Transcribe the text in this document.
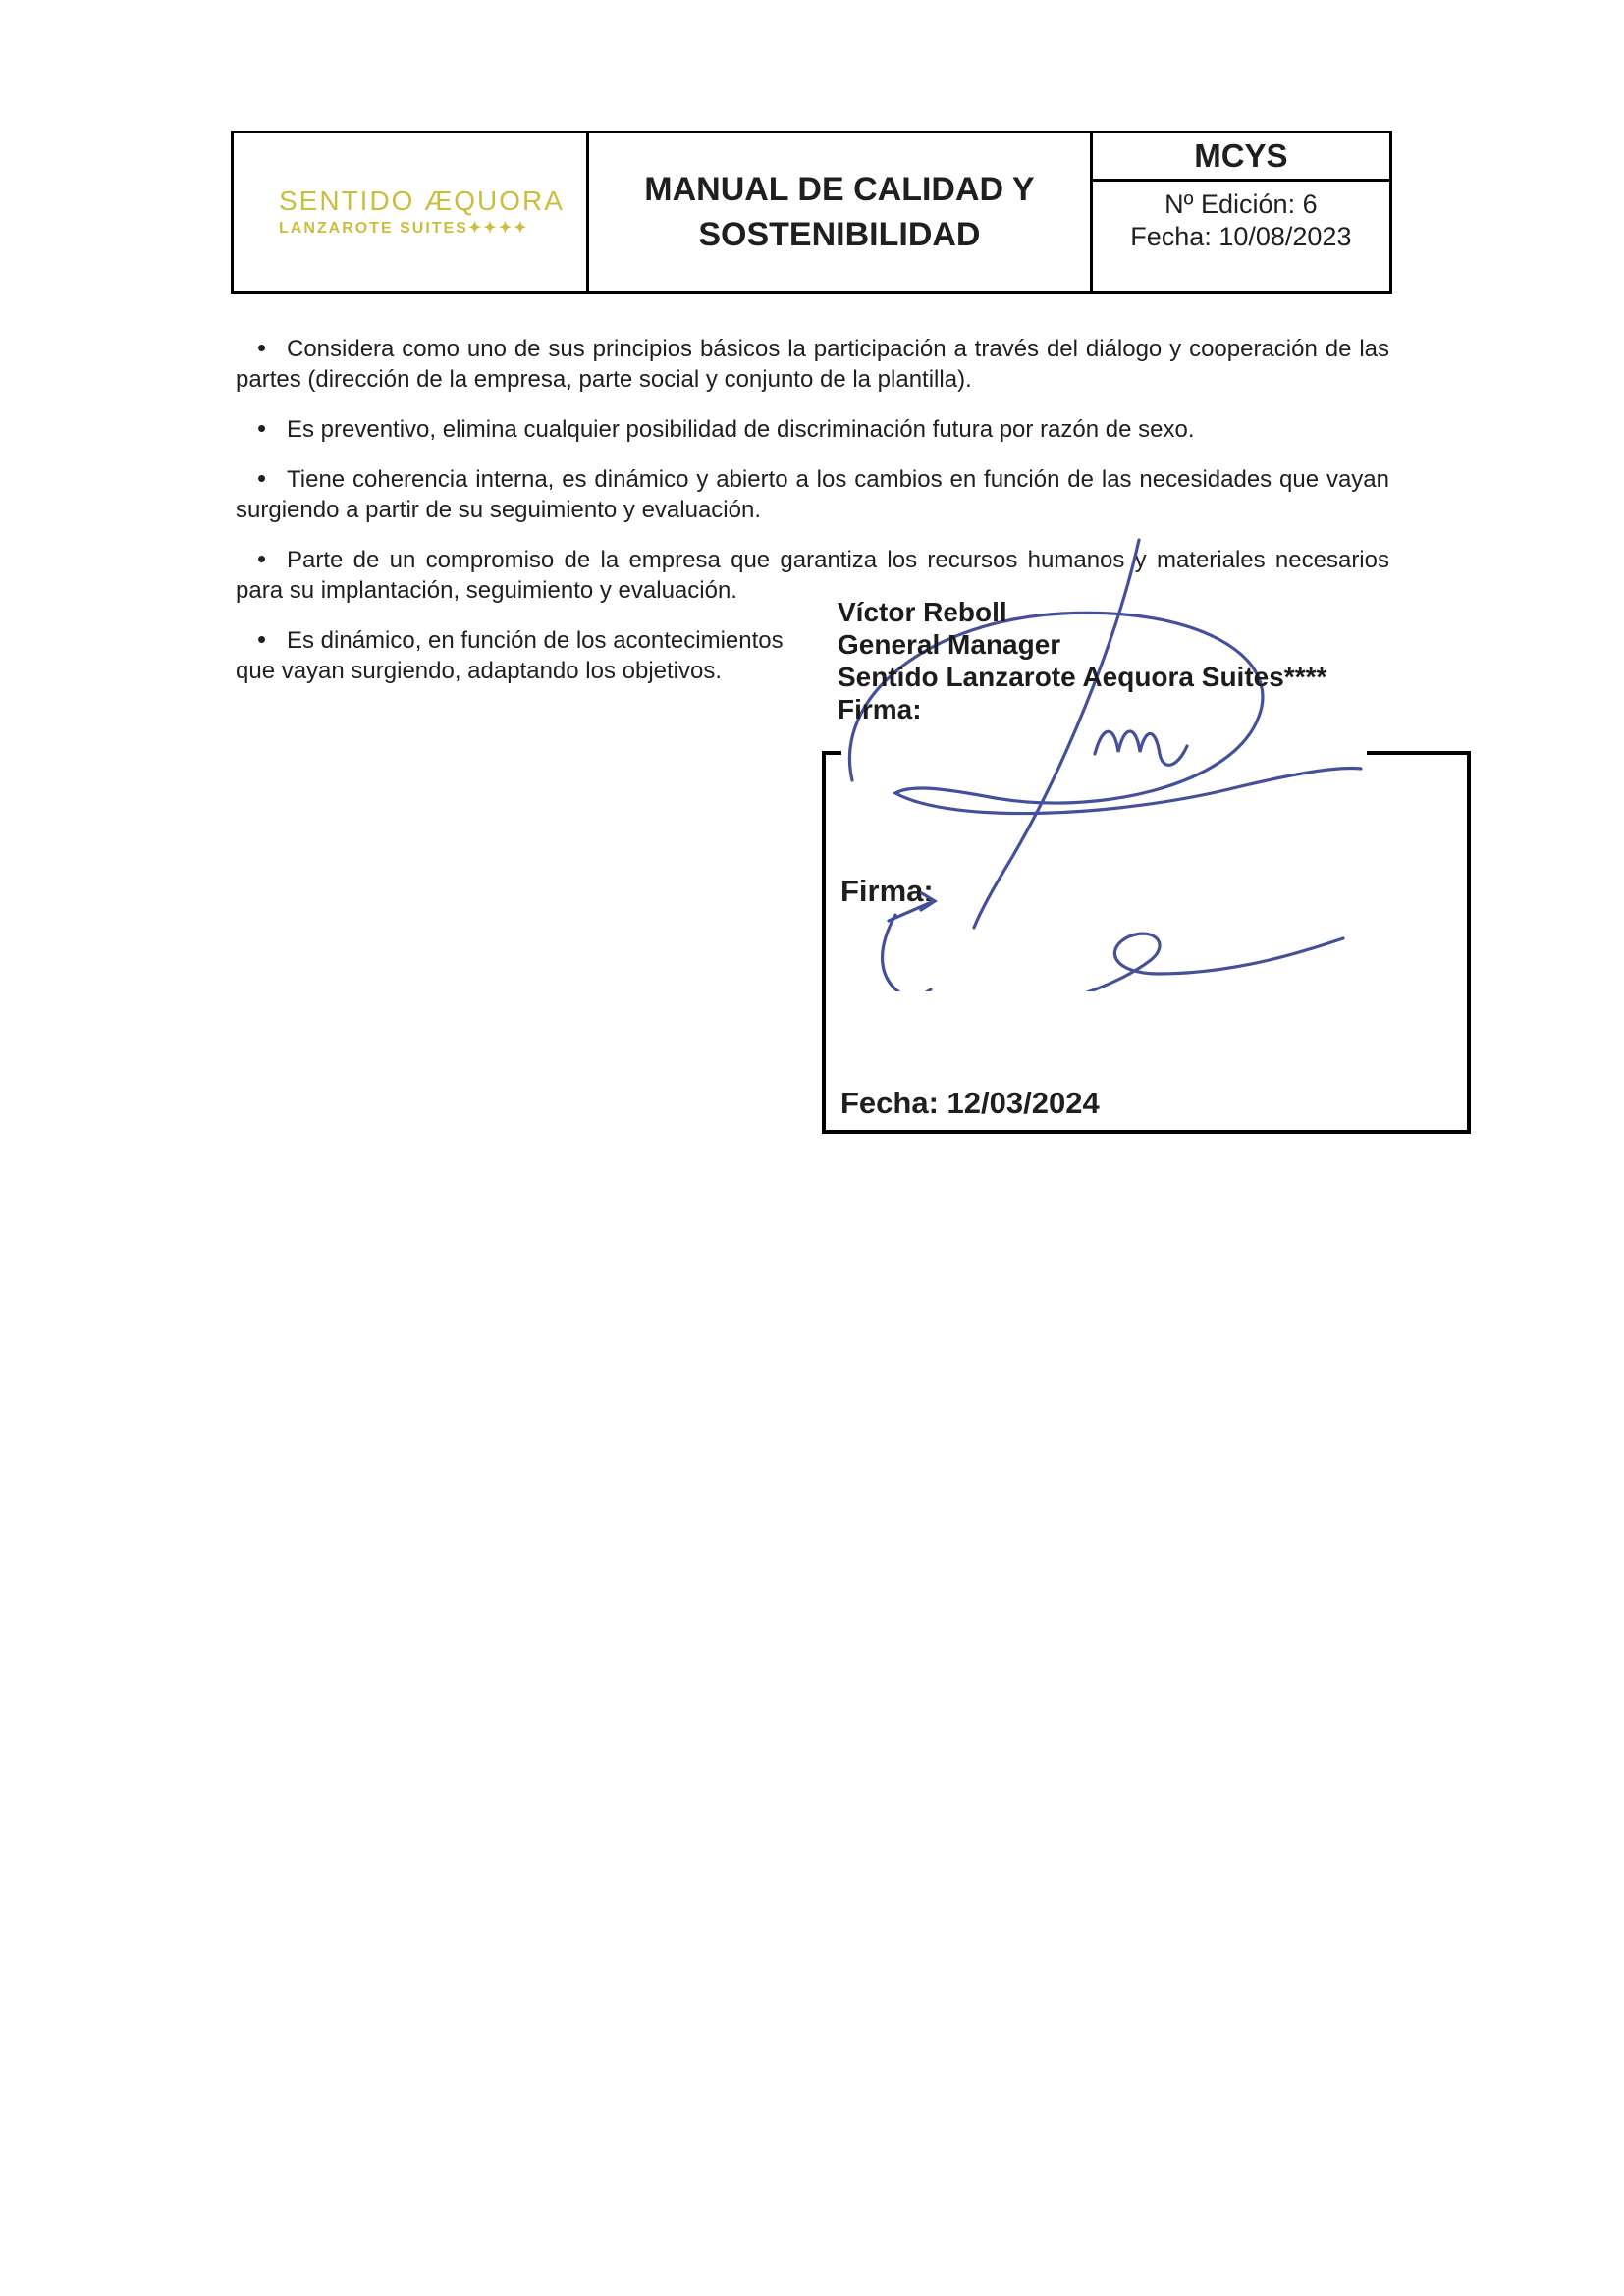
SENTIDO ÆQUORA
LANZAROTE SUITES✦✦✦✦
MANUAL DE CALIDAD Y SOSTENIBILIDAD
MCYS
Nº Edición: 6
Fecha: 10/08/2023

• Considera como uno de sus principios básicos la participación a través del diálogo y cooperación de las partes (dirección de la empresa, parte social y conjunto de la plantilla).

• Es preventivo, elimina cualquier posibilidad de discriminación futura por razón de sexo.

• Tiene coherencia interna, es dinámico y abierto a los cambios en función de las necesidades que vayan surgiendo a partir de su seguimiento y evaluación.

• Parte de un compromiso de la empresa que garantiza los recursos humanos y materiales necesarios para su implantación, seguimiento y evaluación.

• Es dinámico, en función de los acontecimientos que vayan surgiendo, adaptando los objetivos.

Víctor Reboll
General Manager
Sentido Lanzarote Aequora Suites****
Firma:
Firma:
Fecha: 12/03/2024
